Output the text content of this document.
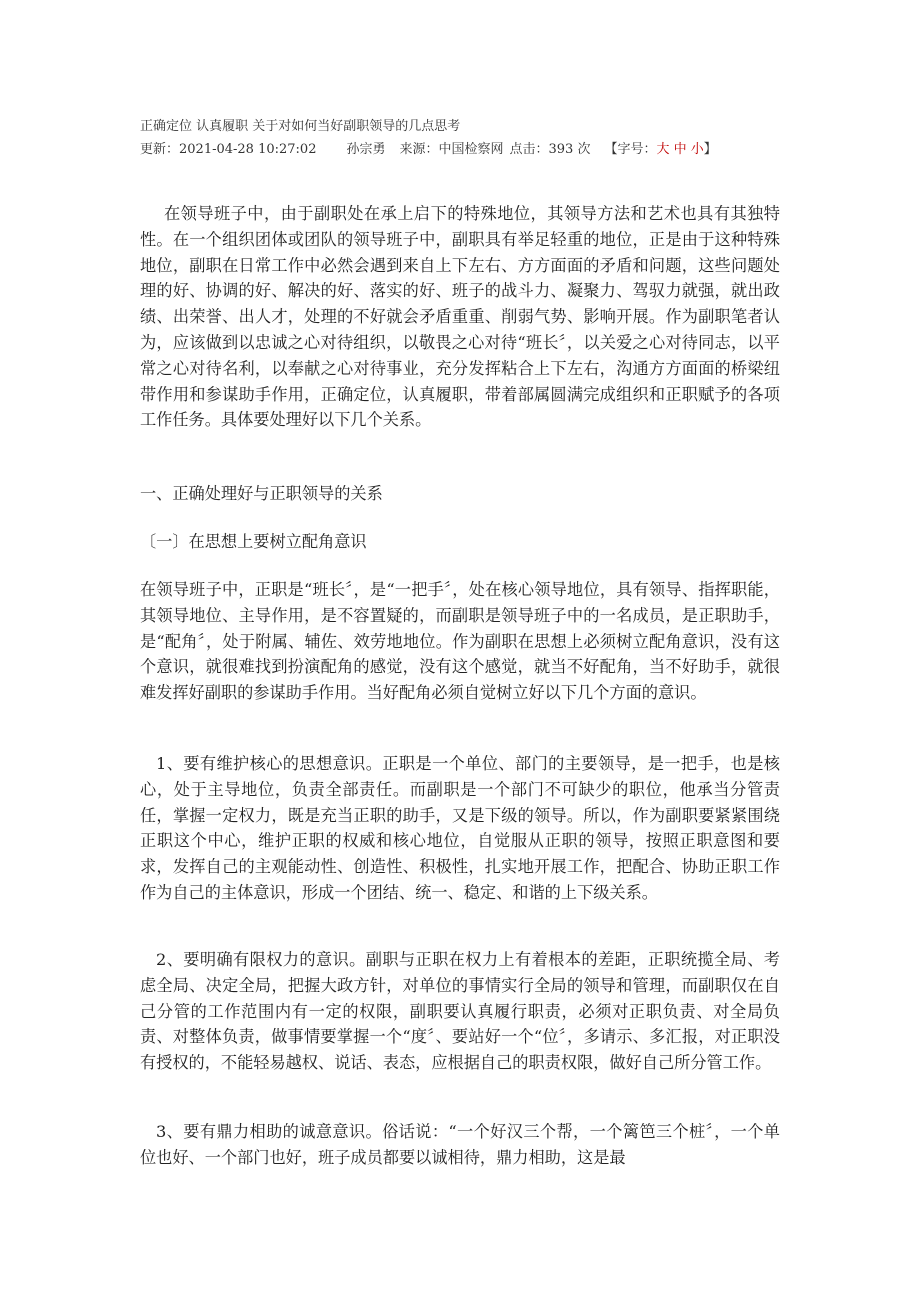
正确定位 认真履职 关于对如何当好副职领导的几点思考
更新：2021-04-28 10:27:02 孙宗勇 来源：中国检察网 点击：393 次 【字号：大 中 小】
在领导班子中，由于副职处在承上启下的特殊地位，其领导方法和艺术也具有其独特性。在一个组织团体或团队的领导班子中，副职具有举足轻重的地位，正是由于这种特殊地位，副职在日常工作中必然会遇到来自上下左右、方方面面的矛盾和问题，这些问题处理的好、协调的好、解决的好、落实的好、班子的战斗力、凝聚力、驾驭力就强，就出政绩、出荣誉、出人才，处理的不好就会矛盾重重、削弱气势、影响开展。作为副职笔者认为，应该做到以忠诚之心对待组织，以敬畏之心对待“班长〞，以关爱之心对待同志，以平常之心对待名利，以奉献之心对待事业，充分发挥粘合上下左右，沟通方方面面的桥梁纽带作用和参谋助手作用，正确定位，认真履职，带着部属圆满完成组织和正职赋予的各项工作任务。具体要处理好以下几个关系。
一、正确处理好与正职领导的关系
〔一〕在思想上要树立配角意识
在领导班子中，正职是“班长〞，是“一把手〞，处在核心领导地位，具有领导、指挥职能，其领导地位、主导作用，是不容置疑的，而副职是领导班子中的一名成员，是正职助手，是“配角〞，处于附属、辅佐、效劳地地位。作为副职在思想上必须树立配角意识，没有这个意识，就很难找到扮演配角的感觉，没有这个感觉，就当不好配角，当不好助手，就很难发挥好副职的参谋助手作用。当好配角必须自觉树立好以下几个方面的意识。
1、要有维护核心的思想意识。正职是一个单位、部门的主要领导，是一把手，也是核心，处于主导地位，负责全部责任。而副职是一个部门不可缺少的职位，他承当分管责任，掌握一定权力，既是充当正职的助手，又是下级的领导。所以，作为副职要紧紧围绕正职这个中心，维护正职的权威和核心地位，自觉服从正职的领导，按照正职意图和要求，发挥自己的主观能动性、创造性、积极性，扎实地开展工作，把配合、协助正职工作作为自己的主体意识，形成一个团结、统一、稳定、和谐的上下级关系。
2、要明确有限权力的意识。副职与正职在权力上有着根本的差距，正职统揽全局、考虑全局、决定全局，把握大政方针，对单位的事情实行全局的领导和管理，而副职仅在自己分管的工作范围内有一定的权限，副职要认真履行职责，必须对正职负责、对全局负责、对整体负责，做事情要掌握一个“度〞、要站好一个“位〞，多请示、多汇报，对正职没有授权的，不能轻易越权、说话、表态，应根据自己的职责权限，做好自己所分管工作。
3、要有鼎力相助的诚意意识。俗话说：“一个好汉三个帮，一个篱笆三个桩〞，一个单位也好、一个部门也好，班子成员都要以诚相待，鼎力相助，这是最
